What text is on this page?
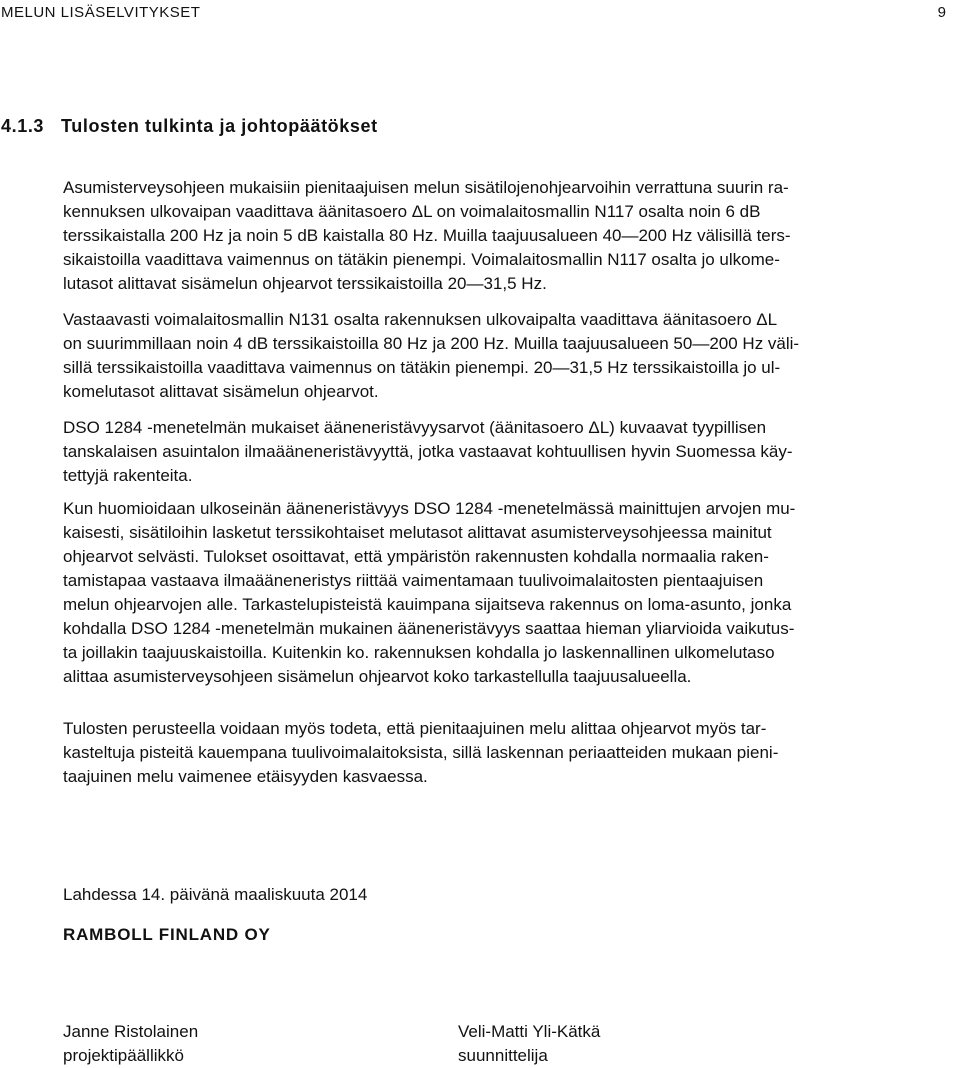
MELUN LISÄSELVITYKSET	9
4.1.3 Tulosten tulkinta ja johtopäätökset
Asumisterveysohjeen mukaisiin pienitaajuisen melun sisätilojenohjearvoihin verrattuna suurin ra-
kennuksen ulkovaipan vaadittava äänitasoero ΔL on voimalaitosmallin N117 osalta noin 6 dB
terssikaistalla 200 Hz ja noin 5 dB kaistalla 80 Hz. Muilla taajuusalueen 40—200 Hz välisillä ters-
sikaistoilla vaadittava vaimennus on tätäkin pienempi. Voimalaitosmallin N117 osalta jo ulkome-
lutasot alittavat sisämelun ohjearvot terssikaistoilla 20—31,5 Hz.
Vastaavasti voimalaitosmallin N131 osalta rakennuksen ulkovaipalta vaadittava äänitasoero ΔL
on suurimmillaan noin 4 dB terssikaistoilla 80 Hz ja 200 Hz. Muilla taajuusalueen 50—200 Hz väli-
sillä terssikaistoilla vaadittava vaimennus on tätäkin pienempi. 20—31,5 Hz terssikaistoilla jo ul-
komelutasot alittavat sisämelun ohjearvot.
DSO 1284 -menetelmän mukaiset ääneneristävyysarvot (äänitasoero ΔL) kuvaavat tyypillisen
tanskalaisen asuintalon ilmaääneneristävyyttä, jotka vastaavat kohtuullisen hyvin Suomessa käy-
tettyjä rakenteita.
Kun huomioidaan ulkoseinän ääneneristävyys DSO 1284 -menetelmässä mainittujen arvojen mu-
kaisesti, sisätiloihin lasketut terssikohtaiset melutasot alittavat asumisterveysohjeessa mainitut
ohjearvot selvästi. Tulokset osoittavat, että ympäristön rakennusten kohdalla normaalia raken-
tamistapaa vastaava ilmaääneneristys riittää vaimentamaan tuulivoimalaitosten pientaajuisen
melun ohjearvojen alle. Tarkastelupisteistä kauimpana sijaitseva rakennus on loma-asunto, jonka
kohdalla DSO 1284 -menetelmän mukainen ääneneristävyys saattaa hieman yliarvioida vaikutus-
ta joillakin taajuuskaistoilla. Kuitenkin ko. rakennuksen kohdalla jo laskennallinen ulkomelutaso
alittaa asumisterveysohjeen sisämelun ohjearvot koko tarkastellulla taajuusalueella.
Tulosten perusteella voidaan myös todeta, että pienitaajuinen melu alittaa ohjearvot myös tar-
kasteltuja pisteitä kauempana tuulivoimalaitoksista, sillä laskennan periaatteiden mukaan pieni-
taajuinen melu vaimenee etäisyyden kasvaessa.
Lahdessa 14. päivänä maaliskuuta 2014
RAMBOLL FINLAND OY
Janne Ristolainen
projektipäällikkö
Veli-Matti Yli-Kätkä
suunnittelija
